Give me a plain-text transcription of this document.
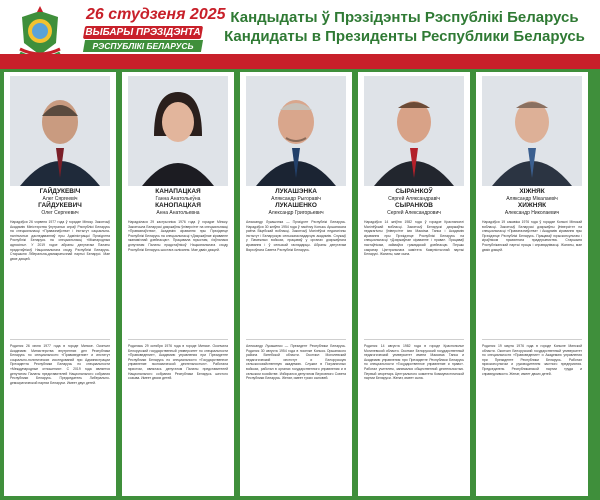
26 студзеня 2025
ВЫБАРЫ ПРЭЗІДЭНТА
РЭСПУБЛІКІ БЕЛАРУСЬ
Кандыдаты ў Прэзідэнты Рэспублікі Беларусь
Кандидаты в Президенты Республики Беларусь
ГАЙДУКЕВІЧ
Алег Сяргеевіч
ГАЙДУКЕВИЧ
Олег Сергеевич
Нарадзіўся 26 чэрвеня 1977 года ў горадзе Мінску. Закончыў Акадэмію Міністэрства ўнутраных спраў Рэспублікі Беларусь па спецыяльнасці «Правазнаўства» і інстытут сацыяльна-палітычных даследаванняў пры Адміністрацыі Прэзідэнта Рэспублікі Беларусь па спецыяльнасці «Міжнародныя адносіны». У 2019 годзе абраны дэпутатам Палаты прадстаўнікоў Нацыянальнага сходу Рэспублікі Беларусь. Старшыня Ліберальна-дэмакратычнай партыі Беларусі. Мае двое дзяцей.
Родился 26 июня 1977 года в городе Минске. Окончил Академию Министерства внутренних дел Республики Беларусь по специальности «Правоведение» и институт социально-политических исследований при Администрации Президента Республики Беларусь по специальности «Международные отношения». С 2019 года является депутатом Палаты представителей Национального собрания Республики Беларусь. Председатель Либерально-демократической партии Беларуси. Имеет двух детей.
КАНАПАЦКАЯ
Ганна Анатольеўна
КАНОПАЦКАЯ
Анна Анатольевна
Нарадзілася 29 кастрычніка 1976 года ў горадзе Мінску. Закончыла Беларускі дзяржаўны ўніверсітэт па спецыяльнасці «Правазнаўства», Акадэмію кіравання пры Прэзідэнце Рэспублікі Беларусь па спецыяльнасці «Дзяржаўнае кіраванне эканамічнай дзейнасцю». Працавала юрыстам, з’яўлялася дэпутатам Палаты прадстаўнікоў Нацыянальнага сходу Рэспублікі Беларусь шостага склікання. Мае дваіх дзяцей.
Родилась 29 октября 1976 года в городе Минске. Окончила Белорусский государственный университет по специальности «Правоведение», Академию управления при Президенте Республики Беларусь по специальности «Государственное управление экономической деятельностью». Работала юристом, являлась депутатом Палаты представителей Национального собрания Республики Беларусь шестого созыва. Имеет двоих детей.
ЛУКАШЭНКА
Аляксандр Рыгоравіч
ЛУКАШЕНКО
Александр Григорьевич
Аляксандр Лукашэнка — Прэзідэнт Рэспублікі Беларусь. Нарадзіўся 30 жніўня 1954 года ў пасёлку Копысь Аршанскага раёна Віцебскай вобласці. Закончыў Магілёўскі педагагічны інстытут і Беларускую сельскагаспадарчую акадэмію. Служыў у Памежных войсках, працаваў у органах дзяржаўнага кіравання і ў сельскай гаспадарцы. Абраны дэпутатам Вярхоўнага Савета Рэспублікі Беларусь.
Александр Лукашенко — Президент Республики Беларусь. Родился 30 августа 1954 года в поселке Копысь Оршанского района Витебской области. Окончил Могилевский педагогический институт и Белорусскую сельскохозяйственную академию. Служил в Пограничных войсках, работал в органах государственного управления и в сельском хозяйстве. Избирался депутатом Верховного Совета Республики Беларусь. Женат, имеет троих сыновей.
СЫРАНКОЎ
Сяргей Аляксандравіч
СЫРАНКОВ
Сергей Александрович
Нарадзіўся 14 жніўня 1982 года ў горадзе Краснаполлі Магілёўскай вобласці. Закончыў Беларускі дзяржаўны педагагічны ўніверсітэт імя Максіма Танка і Акадэмію кіравання пры Прэзідэнце Рэспублікі Беларусь па спецыяльнасці «Дзяржаўнае кіраванне і права». Працаваў настаўнікам, займаўся грамадскай дзейнасцю. Першы сакратар Цэнтральнага камітэта Камуністычнай партыі Беларусі. Жанаты, мае сына.
Родился 14 августа 1982 года в городе Краснополье Могилевской области. Окончил Белорусский государственный педагогический университет имени Максима Танка и Академию управления при Президенте Республики Беларусь по специальности «Государственное управление и право». Работал учителем, занимался общественной деятельностью. Первый секретарь Центрального комитета Коммунистической партии Беларуси. Женат, имеет сына.
ХІЖНЯК
Аляксандр Мікалаевіч
ХИЖНЯК
Александр Николаевич
Нарадзіўся 19 сакавіка 1976 года ў горадзе Копылі Мінскай вобласці. Закончыў Беларускі дзяржаўны ўніверсітэт па спецыяльнасці «Праватазнаўства» і Акадэмію кіравання пры Прэзідэнце Рэспублікі Беларусь. Працаваў юрысконсультам і кіраўніком прыватнага прадпрыемства. Старшыня Рэспубліканскай партыі працы і справядлівасці. Жанаты, мае дваіх дзяцей.
Родился 19 марта 1976 года в городе Копыле Минской области. Окончил Белорусский государственный университет по специальности «Правоведение» и Академию управления при Президенте Республики Беларусь. Работал юрисконсультом и руководителем частного предприятия. Председатель Республиканской партии труда и справедливости. Женат, имеет двоих детей.
